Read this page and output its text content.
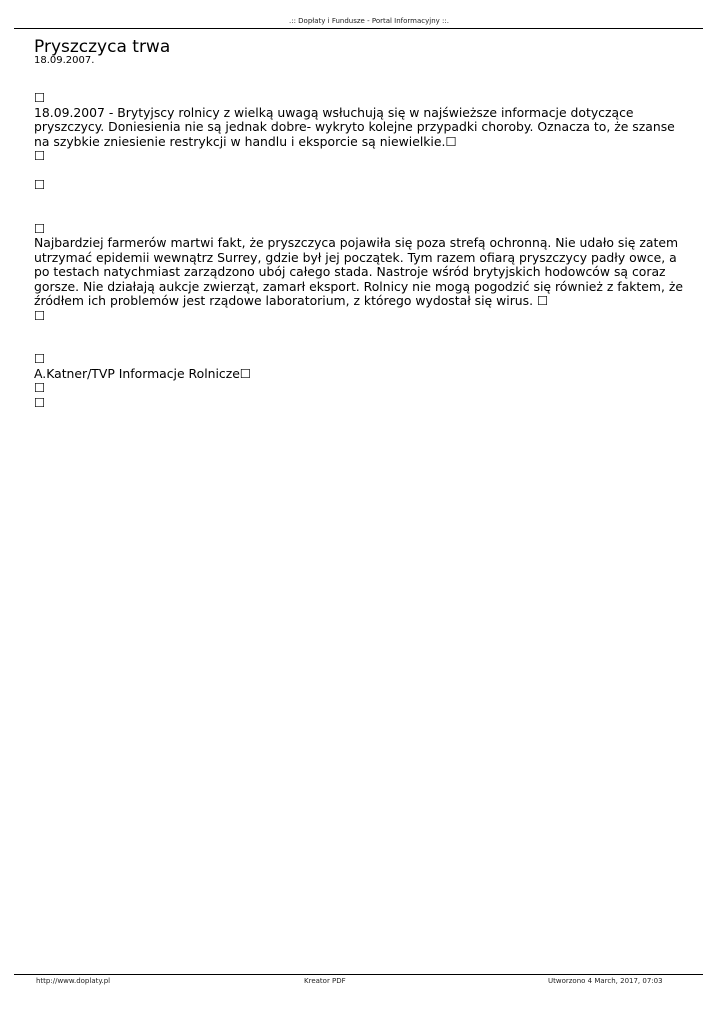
.:: Dopłaty i Fundusze - Portal Informacyjny ::.
Pryszczyca trwa
18.09.2007.
☐
18.09.2007 - Brytyjscy rolnicy z wielką uwagą wsłuchują się w najświeższe informacje dotyczące
pryszczycy. Doniesienia nie są jednak dobre- wykryto kolejne przypadki choroby. Oznacza to, że szanse
na szybkie zniesienie restrykcji w handlu i eksporcie są niewielkie.☐
☐
☐
☐
Najbardziej farmerów martwi fakt, że pryszczyca pojawiła się poza strefą ochronną. Nie udało się zatem
utrzymać epidemii wewnątrz Surrey, gdzie był jej początek. Tym razem ofiarą pryszczycy padły owce, a
po testach natychmiast zarządzono ubój całego stada. Nastroje wśród brytyjskich hodowców są coraz
gorsze. Nie działają aukcje zwierząt, zamarł eksport. Rolnicy nie mogą pogodzić się również z faktem, że
źródłem ich problemów jest rządowe laboratorium, z którego wydostał się wirus. ☐
☐
☐
A.Katner/TVP Informacje Rolnicze☐
☐
☐
http://www.doplaty.pl	Kreator PDF	Utworzono 4 March, 2017, 07:03
